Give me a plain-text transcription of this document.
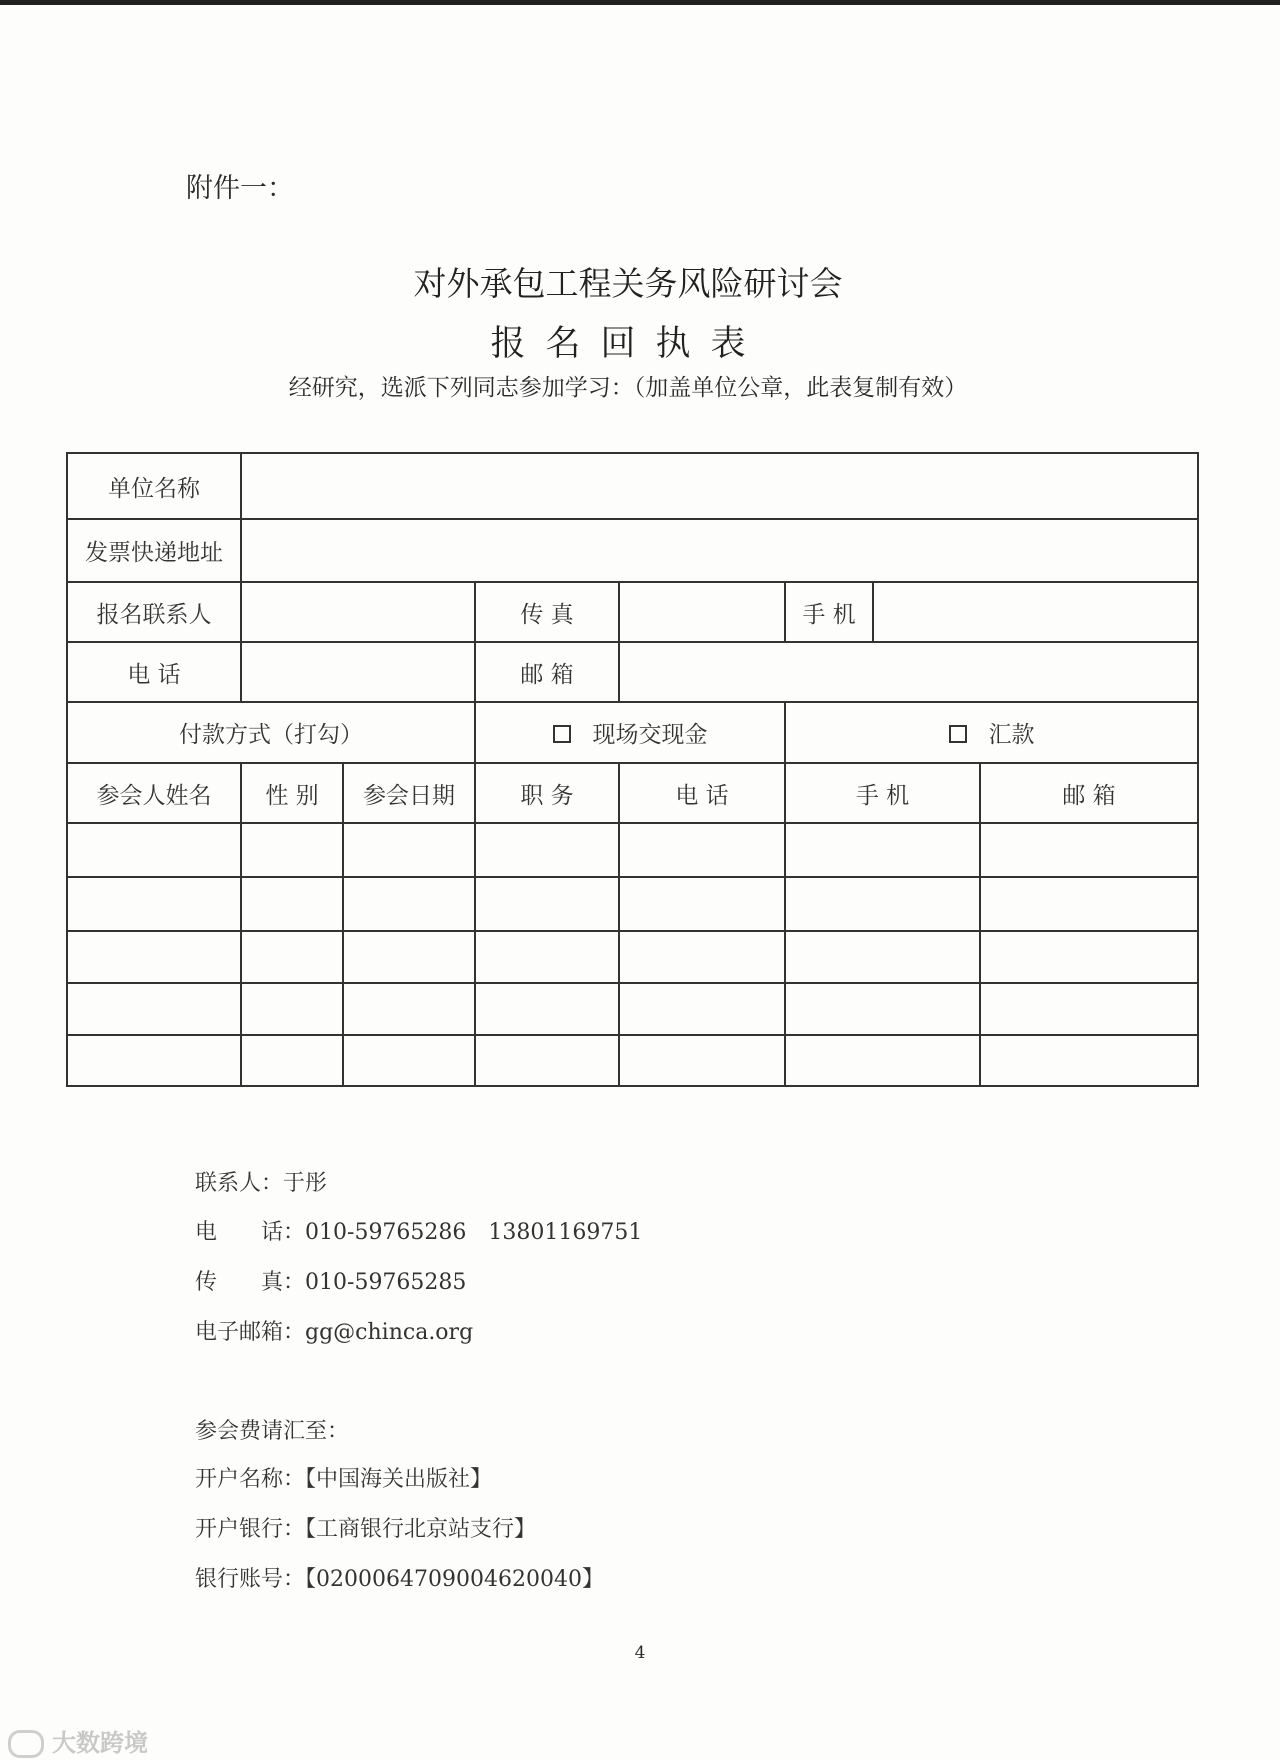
附件一：
对外承包工程关务风险研讨会
报名回执表
经研究，选派下列同志参加学习：（加盖单位公章，此表复制有效）
单位名称							
发票快递地址							
报名联系人			传 真		手 机		
电 话			邮 箱				
付款方式（打勾）			现场交现金		汇款		
参会人姓名	性 别	参会日期	职 务	电 话	手 机		邮 箱

联系人：于彤
电　　话：010-59765286　13801169751
传　　真：010-59765285
电子邮箱：gg@chinca.org
参会费请汇至：
开户名称：【中国海关出版社】
开户银行：【工商银行北京站支行】
银行账号：【0200064709004620040】
4
大数跨境
